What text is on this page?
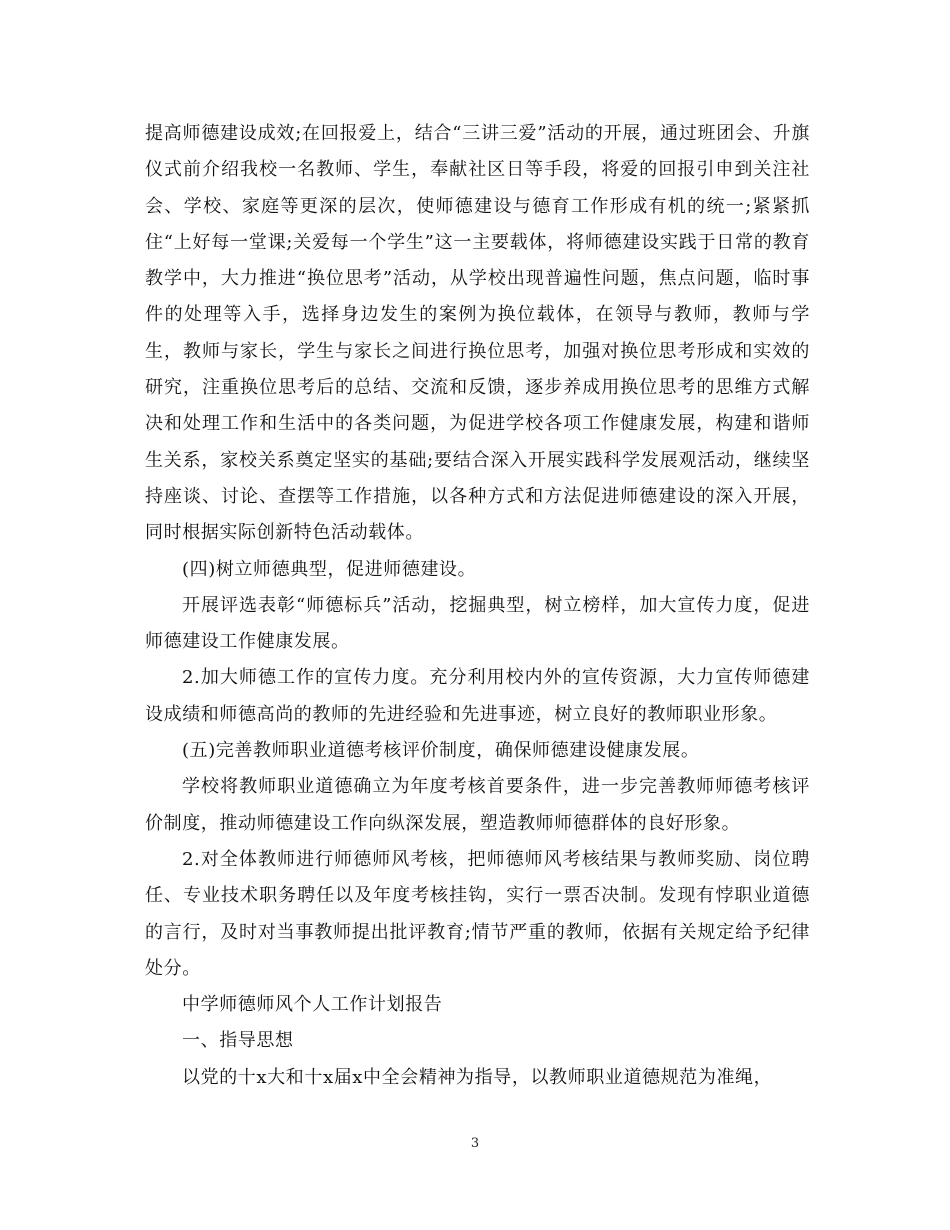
提高师德建设成效;在回报爱上，结合“三讲三爱”活动的开展，通过班团会、升旗仪式前介绍我校一名教师、学生，奉献社区日等手段，将爱的回报引申到关注社会、学校、家庭等更深的层次，使师德建设与德育工作形成有机的统一;紧紧抓住“上好每一堂课;关爱每一个学生”这一主要载体，将师德建设实践于日常的教育教学中，大力推进“换位思考”活动，从学校出现普遍性问题，焦点问题，临时事件的处理等入手，选择身边发生的案例为换位载体，在领导与教师，教师与学生，教师与家长，学生与家长之间进行换位思考，加强对换位思考形成和实效的研究，注重换位思考后的总结、交流和反馈，逐步养成用换位思考的思维方式解决和处理工作和生活中的各类问题，为促进学校各项工作健康发展，构建和谐师生关系，家校关系奠定坚实的基础;要结合深入开展实践科学发展观活动，继续坚持座谈、讨论、查摆等工作措施，以各种方式和方法促进师德建设的深入开展，同时根据实际创新特色活动载体。

(四)树立师德典型，促进师德建设。

开展评选表彰“师德标兵”活动，挖掘典型，树立榜样，加大宣传力度，促进师德建设工作健康发展。

2.加大师德工作的宣传力度。充分利用校内外的宣传资源，大力宣传师德建设成绩和师德高尚的教师的先进经验和先进事迹，树立良好的教师职业形象。

(五)完善教师职业道德考核评价制度，确保师德建设健康发展。

学校将教师职业道德确立为年度考核首要条件，进一步完善教师师德考核评价制度，推动师德建设工作向纵深发展，塑造教师师德群体的良好形象。

2.对全体教师进行师德师风考核，把师德师风考核结果与教师奖励、岗位聘任、专业技术职务聘任以及年度考核挂钩，实行一票否决制。发现有悖职业道德的言行，及时对当事教师提出批评教育;情节严重的教师，依据有关规定给予纪律处分。

中学师德师风个人工作计划报告

一、指导思想

以党的十x大和十x届x中全会精神为指导，以教师职业道德规范为准绳，

3
